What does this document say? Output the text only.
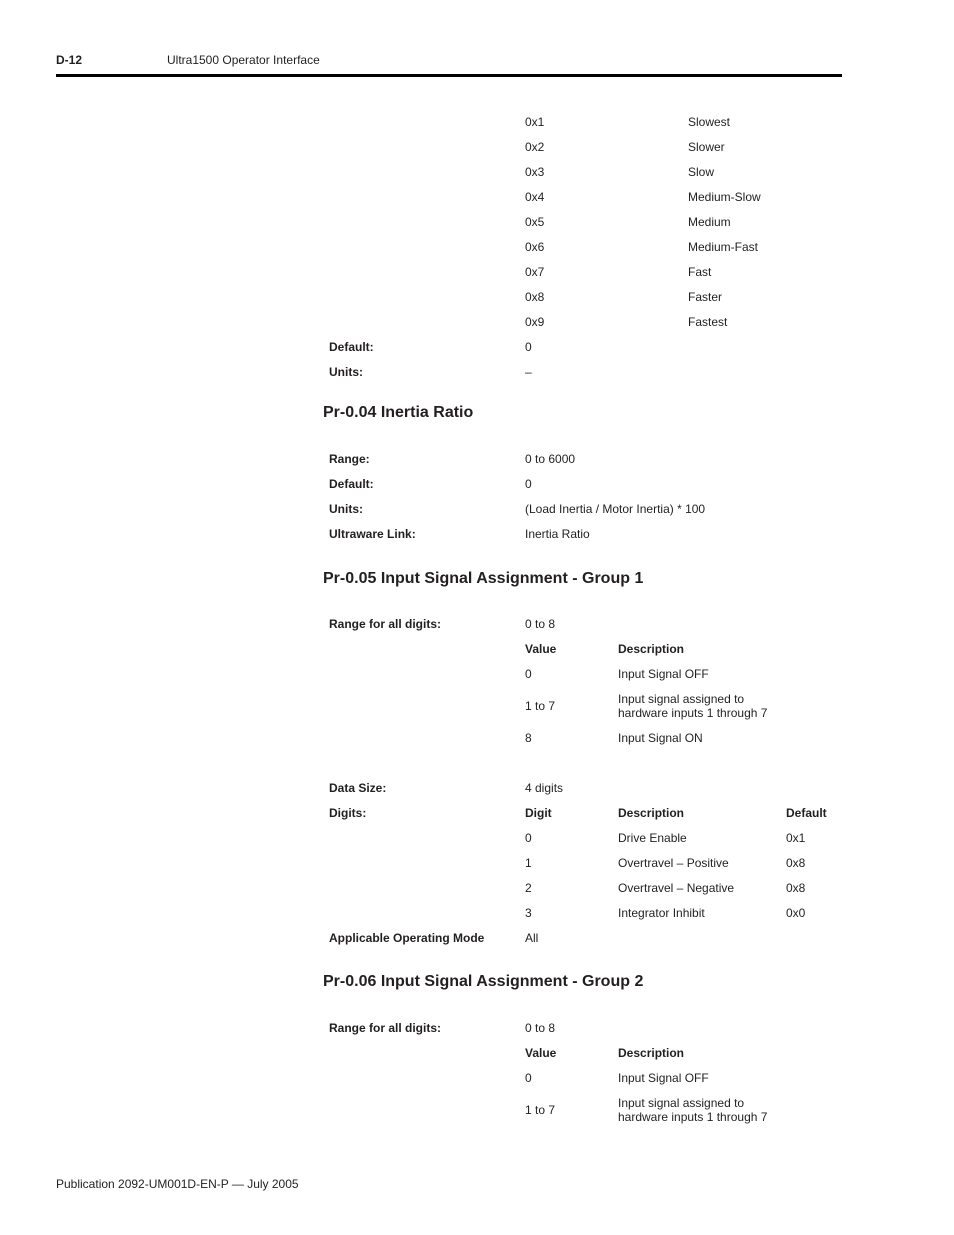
D-12	Ultra1500 Operator Interface
0x1	Slowest
0x2	Slower
0x3	Slow
0x4	Medium-Slow
0x5	Medium
0x6	Medium-Fast
0x7	Fast
0x8	Faster
0x9	Fastest
Default:	0
Units:	–
Pr-0.04 Inertia Ratio
Range:	0 to 6000
Default:	0
Units:	(Load Inertia / Motor Inertia) * 100
Ultraware Link:	Inertia Ratio
Pr-0.05 Input Signal Assignment - Group 1
Range for all digits:	0 to 8
Value	Description
0	Input Signal OFF
1 to 7	Input signal assigned to hardware inputs 1 through 7
8	Input Signal ON
Data Size:	4 digits
Digits:	Digit	Description	Default
0	Drive Enable	0x1
1	Overtravel – Positive	0x8
2	Overtravel – Negative	0x8
3	Integrator Inhibit	0x0
Applicable Operating Mode	All
Pr-0.06 Input Signal Assignment - Group 2
Range for all digits:	0 to 8
Value	Description
0	Input Signal OFF
1 to 7	Input signal assigned to hardware inputs 1 through 7
Publication 2092-UM001D-EN-P — July 2005
